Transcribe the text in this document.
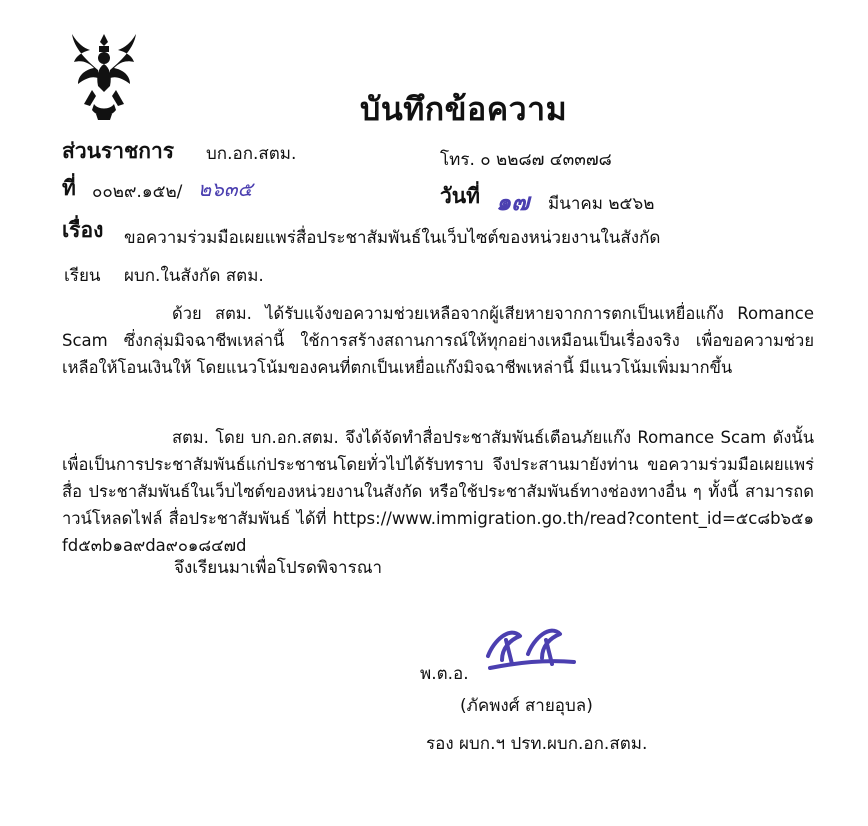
บันทึกข้อความ
ส่วนราชการ บก.อก.สตม.	โทร. ๐ ๒๒๘๗ ๔๓๓๗๘
ที่ ๐๐๒๙.๑๕๒/ ๒๖๓๕	วันที่ ๑๗ มีนาคม ๒๕๖๒
เรื่อง ขอความร่วมมือเผยแพร่สื่อประชาสัมพันธ์ในเว็บไซต์ของหน่วยงานในสังกัด
เรียน ผบก.ในสังกัด สตม.

ด้วย สตม. ได้รับแจ้งขอความช่วยเหลือจากผู้เสียหายจากการตกเป็นเหยื่อแก๊ง Romance Scam ซึ่งกลุ่มมิจฉาชีพเหล่านี้ ใช้การสร้างสถานการณ์ให้ทุกอย่างเหมือนเป็นเรื่องจริง เพื่อขอความช่วยเหลือให้โอนเงินให้ โดยแนวโน้มของคนที่ตกเป็นเหยื่อแก๊งมิจฉาชีพเหล่านี้ มีแนวโน้มเพิ่มมากขึ้น

สตม. โดย บก.อก.สตม. จึงได้จัดทำสื่อประชาสัมพันธ์เตือนภัยแก๊ง Romance Scam ดังนั้น เพื่อเป็นการประชาสัมพันธ์แก่ประชาชนโดยทั่วไปได้รับทราบ จึงประสานมายังท่าน ขอความร่วมมือเผยแพร่สื่อ ประชาสัมพันธ์ในเว็บไซต์ของหน่วยงานในสังกัด หรือใช้ประชาสัมพันธ์ทางช่องทางอื่น ๆ ทั้งนี้ สามารถดาวน์โหลดไฟล์ สื่อประชาสัมพันธ์ ได้ที่ https://www.immigration.go.th/read?content_id=๕c๘b๖๕๑fd๕๓b๑a๙da๙๐๑๘๔๗d

จึงเรียนมาเพื่อโปรดพิจารณา
พ.ต.อ.
(ภัคพงศ์ สายอุบล)
รอง ผบก.ฯ ปรท.ผบก.อก.สตม.
